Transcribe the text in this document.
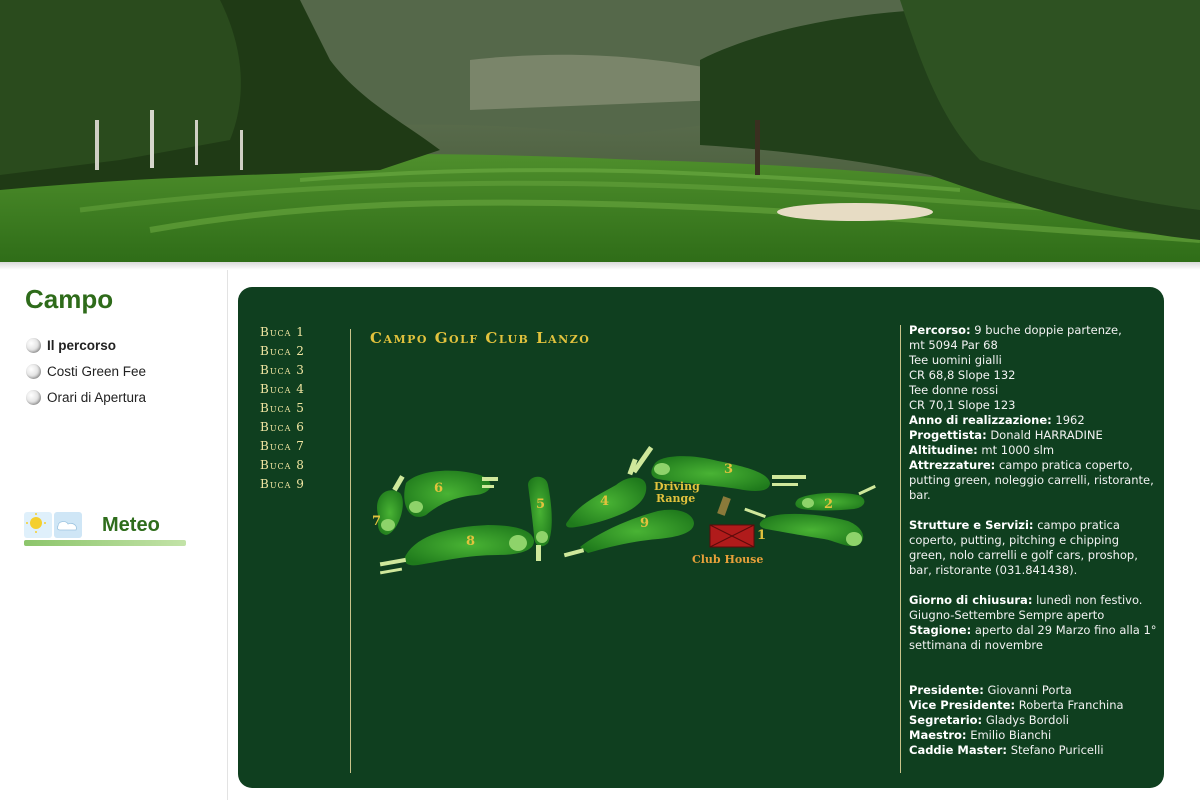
Campo
Il percorso
Costi Green Fee
Orari di Apertura
Meteo
Buca 1
Buca 2
Buca 3
Buca 4
Buca 5
Buca 6
Buca 7
Buca 8
Buca 9
Campo Golf Club Lanzo
1
2
3
4
5
6
7
8
9
Driving
Range
Club House

Percorso: 9 buche doppie partenze,

mt 5094 Par 68

Tee uomini gialli

CR 68,8 Slope 132

Tee donne rossi

CR 70,1 Slope 123

Anno di realizzazione: 1962

Progettista: Donald HARRADINE

Altitudine: mt 1000 slm

Attrezzature: campo pratica coperto, putting green, noleggio carrelli, ristorante, bar.

Strutture e Servizi: campo pratica coperto, putting, pitching e chipping green, nolo carrelli e golf cars, proshop, bar, ristorante (031.841438).

Giorno di chiusura: lunedì non festivo.

Giugno-Settembre Sempre aperto

Stagione: aperto dal 29 Marzo fino alla 1° settimana di novembre

Presidente: Giovanni Porta

Vice Presidente: Roberta Franchina

Segretario: Gladys Bordoli

Maestro: Emilio Bianchi

Caddie Master: Stefano Puricelli
